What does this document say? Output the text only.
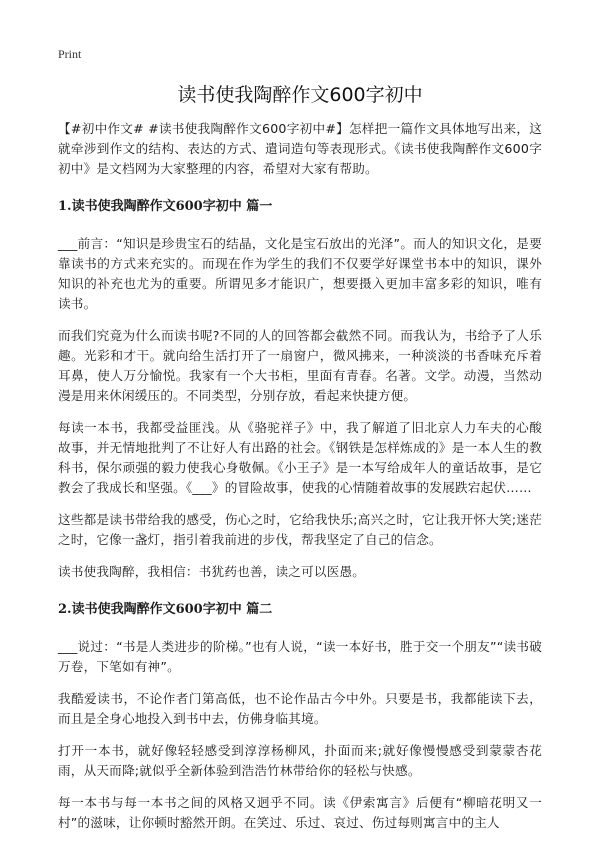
Print
读书使我陶醉作文600字初中

【#初中作文# #读书使我陶醉作文600字初中#】怎样把一篇作文具体地写出来，这就牵涉到作文的结构、表达的方式、遣词造句等表现形式。《读书使我陶醉作文600字初中》是文档网为大家整理的内容，希望对大家有帮助。

1.读书使我陶醉作文600字初中 篇一

___前言：“知识是珍贵宝石的结晶，文化是宝石放出的光泽”。而人的知识文化，是要靠读书的方式来充实的。而现在作为学生的我们不仅要学好课堂书本中的知识，课外知识的补充也尤为的重要。所谓见多才能识广，想要摄入更加丰富多彩的知识，唯有读书。

而我们究竟为什么而读书呢?不同的人的回答都会截然不同。而我认为，书给予了人乐趣。光彩和才干。就向给生活打开了一扇窗户，微风拂来，一种淡淡的书香味充斥着耳鼻，使人万分愉悦。我家有一个大书柜，里面有青春。名著。文学。动漫，当然动漫是用来休闲缓压的。不同类型，分别存放，看起来快捷方便。

每读一本书，我都受益匪浅。从《骆驼祥子》中，我了解道了旧北京人力车夫的心酸故事，并无情地批判了不让好人有出路的社会。《钢铁是怎样炼成的》是一本人生的教科书，保尔顽强的毅力使我心身敬佩。《小王子》是一本写给成年人的童话故事，是它教会了我成长和坚强。《___》的冒险故事，使我的心情随着故事的发展跌宕起伏……

这些都是读书带给我的感受，伤心之时，它给我快乐;高兴之时，它让我开怀大笑;迷茫之时，它像一盏灯，指引着我前进的步伐，帮我坚定了自己的信念。

读书使我陶醉，我相信：书犹药也善，读之可以医愚。

2.读书使我陶醉作文600字初中 篇二

___说过：“书是人类进步的阶梯。”也有人说，“读一本好书，胜于交一个朋友”“读书破万卷，下笔如有神”。

我酷爱读书，不论作者门第高低，也不论作品古今中外。只要是书，我都能读下去，而且是全身心地投入到书中去，仿佛身临其境。

打开一本书，就好像轻轻感受到淳淳杨柳风，扑面而来;就好像慢慢感受到蒙蒙杏花雨，从天而降;就似乎全新体验到浩浩竹林带给你的轻松与快感。

每一本书与每一本书之间的风格又迥乎不同。读《伊索寓言》后便有“柳暗花明又一村”的滋味，让你顿时豁然开朗。在笑过、乐过、哀过、伤过每则寓言中的主人
